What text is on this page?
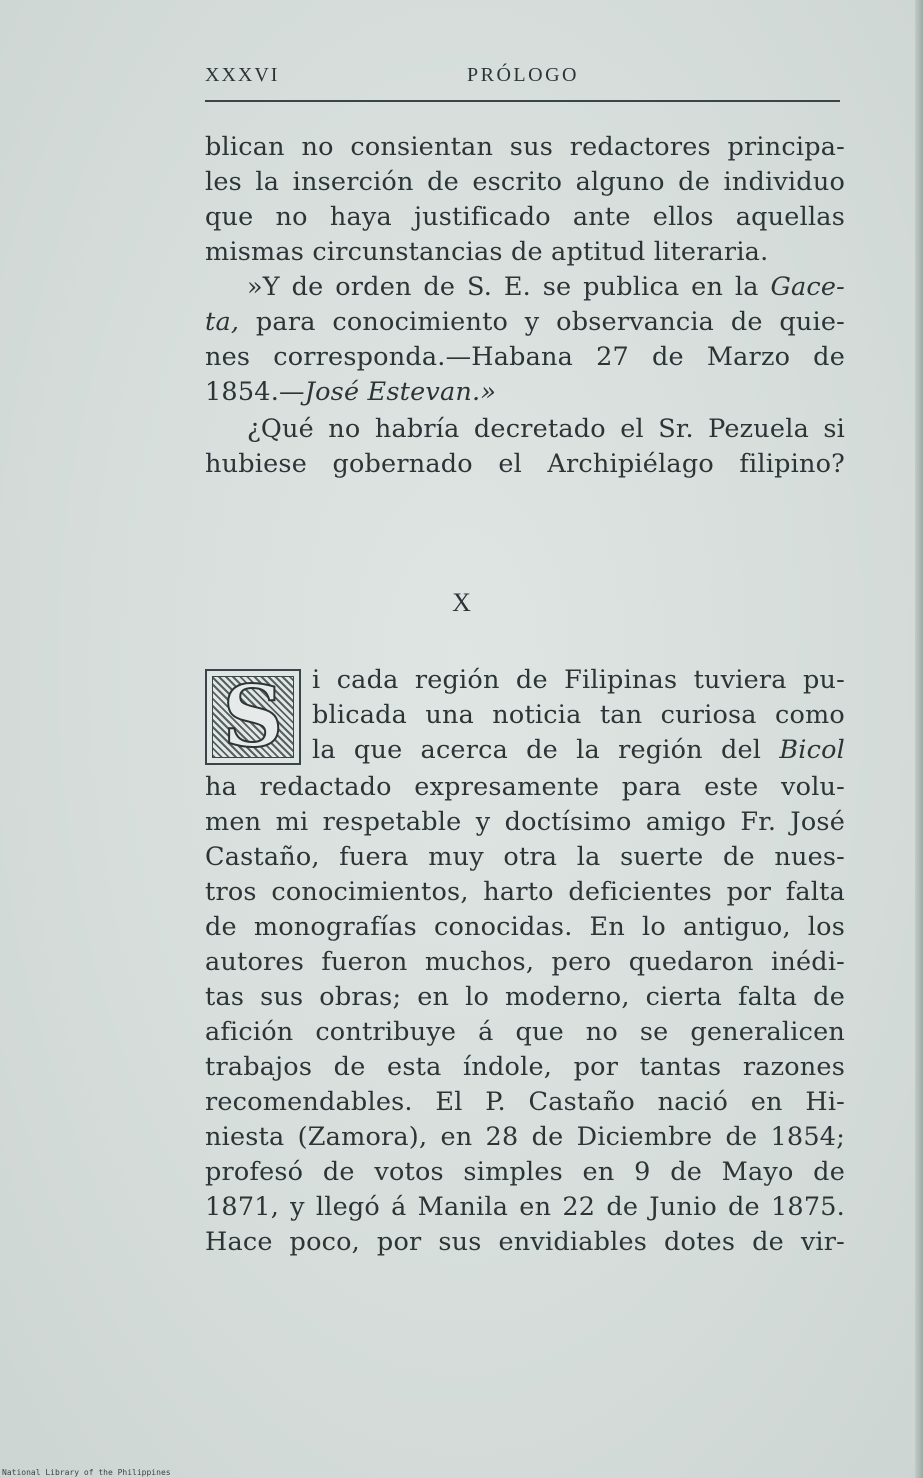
XXXVI	PRÓLOGO
blican no consientan sus redactores principa-
les la inserción de escrito alguno de individuo
que no haya justificado ante ellos aquellas
mismas circunstancias de aptitud literaria.
»Y de orden de S. E. se publica en la Gace-
ta, para conocimiento y observancia de quie-
nes corresponda.—Habana 27 de Marzo de
1854.—José Estevan.»
¿Qué no habría decretado el Sr. Pezuela si
hubiese gobernado el Archipiélago filipino?
X
S	i cada región de Filipinas tuviera pu-
blicada una noticia tan curiosa como
la que acerca de la región del Bicol
ha redactado expresamente para este volu-
men mi respetable y doctísimo amigo Fr. José
Castaño, fuera muy otra la suerte de nues-
tros conocimientos, harto deficientes por falta
de monografías conocidas. En lo antiguo, los
autores fueron muchos, pero quedaron inédi-
tas sus obras; en lo moderno, cierta falta de
afición contribuye á que no se generalicen
trabajos de esta índole, por tantas razones
recomendables. El P. Castaño nació en Hi-
niesta (Zamora), en 28 de Diciembre de 1854;
profesó de votos simples en 9 de Mayo de
1871, y llegó á Manila en 22 de Junio de 1875.
Hace poco, por sus envidiables dotes de vir-
National Library of the Philippines
